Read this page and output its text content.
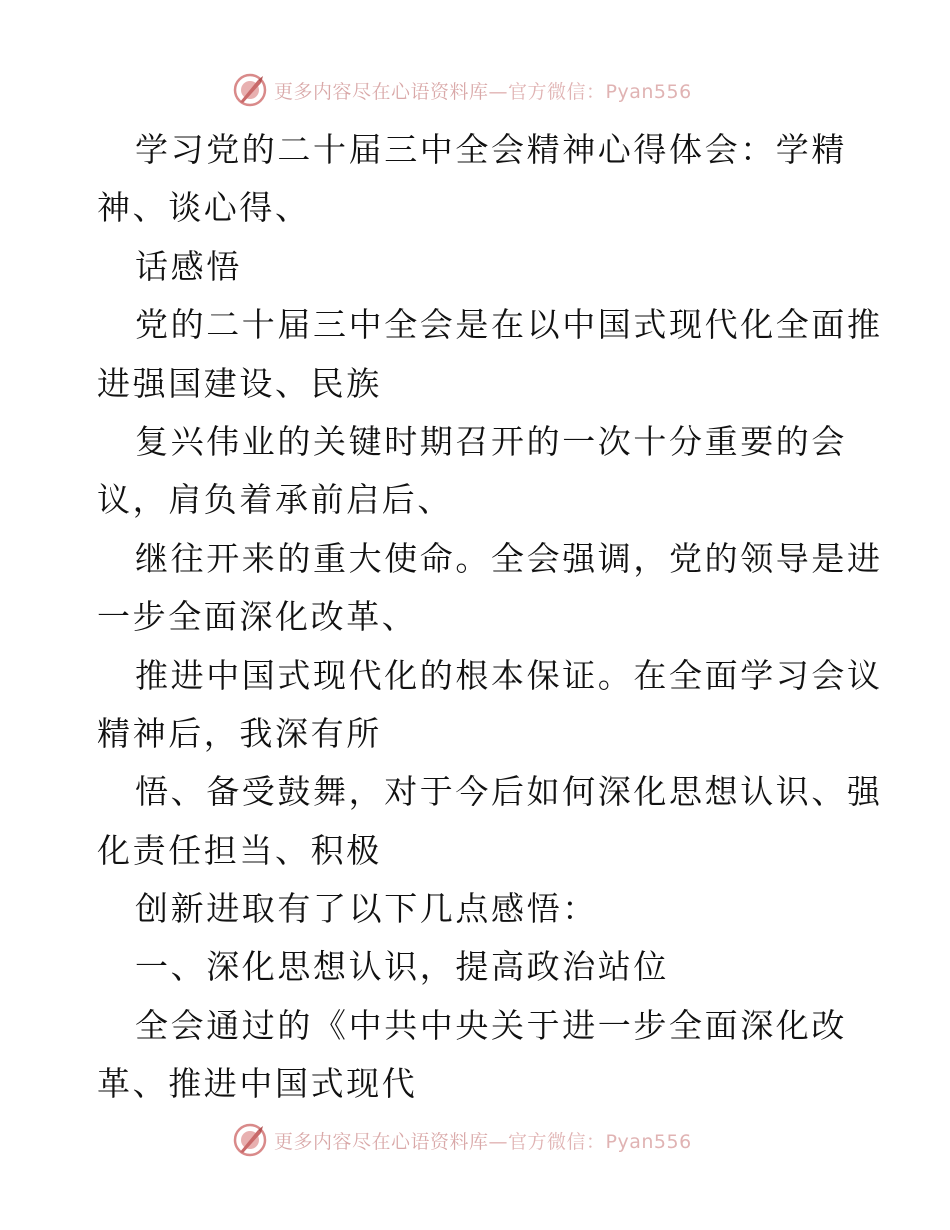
更多内容尽在心语资料库 —官方微信：Pyan556
学习党的二十届三中全会精神心得体会：学精
神、谈心得、
话感悟
党的二十届三中全会是在以中国式现代化全面推
进强国建设、民族
复兴伟业的关键时期召开的一次十分重要的会
议，肩负着承前启后、
继往开来的重大使命。全会强调，党的领导是进
一步全面深化改革、
推进中国式现代化的根本保证。在全面学习会议
精神后，我深有所
悟、备受鼓舞，对于今后如何深化思想认识、强
化责任担当、积极
创新进取有了以下几点感悟：
一、深化思想认识，提高政治站位
全会通过的《中共中央关于进一步全面深化改
革、推进中国式现代
更多内容尽在心语资料库 —官方微信：Pyan556
